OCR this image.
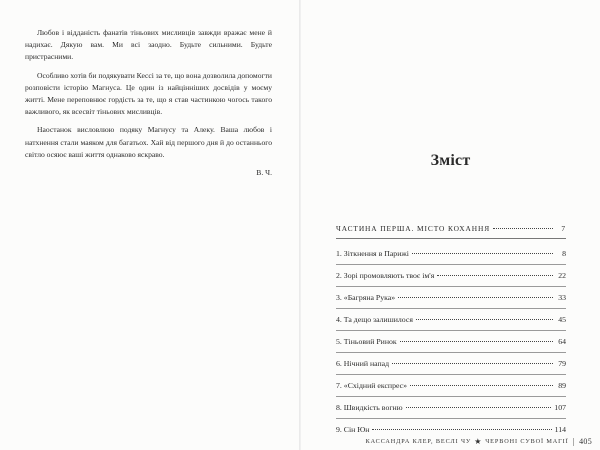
Любов і відданість фанатів тіньових мисливців завжди вражає мене й надихає. Дякую вам. Ми всі заодно. Будьте сильними. Будьте пристрасними.

Особливо хотів би подякувати Кессі за те, що вона дозволила допомогти розповісти історію Магнуса. Це один із найцінніших досвідів у моєму житті. Мене переповнює гордість за те, що я став частинкою чогось такого важливого, як всесвіт тіньових мисливців.

Наостанок висловлюю подяку Магнусу та Алеку. Ваша любов і натхнення стали маяком для багатьох. Хай від першого дня й до останнього світло осяює ваші життя однаково яскраво.

В. Ч.

Зміст
ЧАСТИНА ПЕРША. МІСТО КОХАННЯ	7
1. Зіткнення в Парижі	8
2. Зорі промовляють твоє ім'я	22
3. «Багряна Рука»	33
4. Та дещо залишилося	45
5. Тіньовий Ринок	64
6. Нічний напад	79
7. «Східний експрес»	89
8. Швидкість вогню	107
9. Сін Юн	114
КАССАНДРА КЛЕР, ВЕСЛІ ЧУ ★ ЧЕРВОНІ СУВОЇ МАГІЇ | 405
